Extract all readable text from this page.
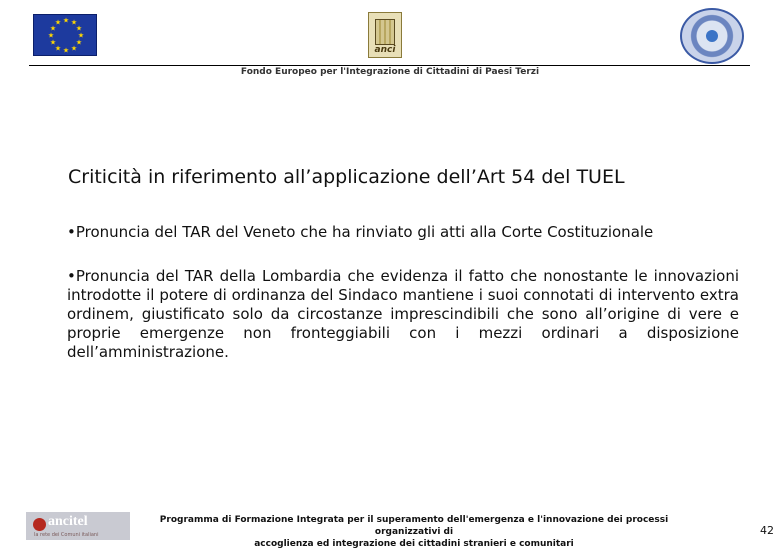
★ ★
★
★
★
★
★
★
★
★
★
★
anci
Fondo Europeo per l'Integrazione di Cittadini di Paesi Terzi
Criticità in riferimento all’applicazione dell’Art 54 del TUEL
•Pronuncia del TAR del Veneto che ha rinviato gli atti alla Corte Costituzionale
•Pronuncia del TAR della Lombardia che evidenza il fatto che nonostante le innovazioni introdotte il potere di ordinanza del Sindaco mantiene i suoi connotati di intervento extra ordinem, giustificato solo da circostanze imprescindibili che sono all’origine di vere e proprie emergenze non fronteggiabili con i mezzi ordinari a disposizione dell’amministrazione.
ancitel
la rete dei Comuni italiani
Programma di Formazione Integrata per il superamento dell'emergenza e l'innovazione dei processi organizzativi di
accoglienza ed integrazione dei cittadini stranieri e comunitari
42
